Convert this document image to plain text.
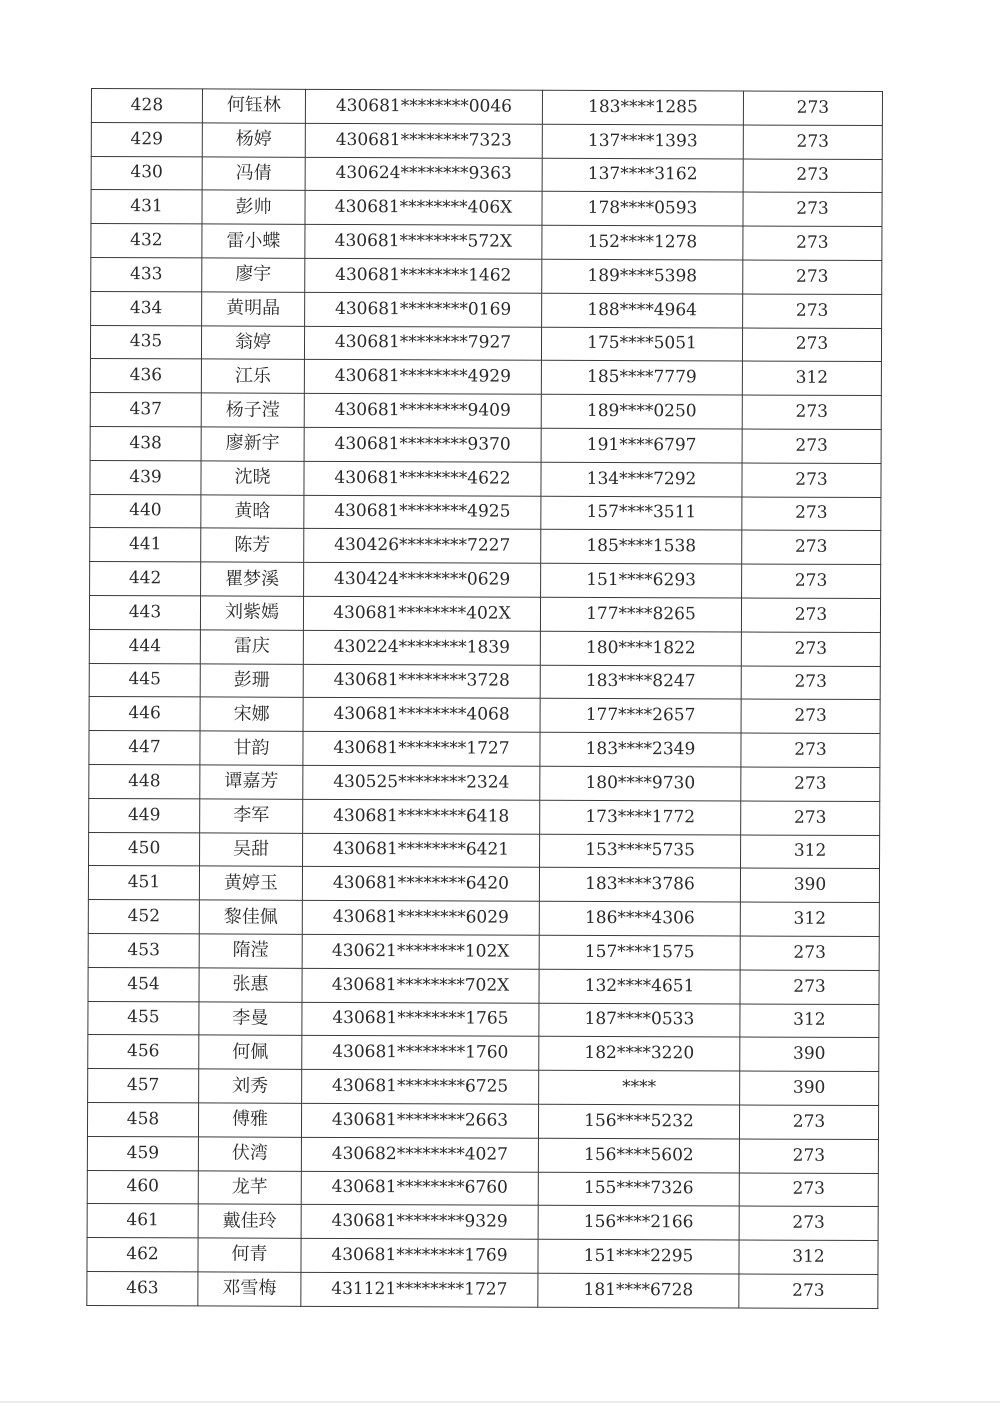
428	何钰林	430681********0046	183****1285	273
429	杨婷	430681********7323	137****1393	273
430	冯倩	430624********9363	137****3162	273
431	彭帅	430681********406X	178****0593	273
432	雷小蝶	430681********572X	152****1278	273
433	廖宇	430681********1462	189****5398	273
434	黄明晶	430681********0169	188****4964	273
435	翁婷	430681********7927	175****5051	273
436	江乐	430681********4929	185****7779	312
437	杨子滢	430681********9409	189****0250	273
438	廖新宇	430681********9370	191****6797	273
439	沈晓	430681********4622	134****7292	273
440	黄晗	430681********4925	157****3511	273
441	陈芳	430426********7227	185****1538	273
442	瞿梦溪	430424********0629	151****6293	273
443	刘紫嫣	430681********402X	177****8265	273
444	雷庆	430224********1839	180****1822	273
445	彭珊	430681********3728	183****8247	273
446	宋娜	430681********4068	177****2657	273
447	甘韵	430681********1727	183****2349	273
448	谭嘉芳	430525********2324	180****9730	273
449	李军	430681********6418	173****1772	273
450	吴甜	430681********6421	153****5735	312
451	黄婷玉	430681********6420	183****3786	390
452	黎佳佩	430681********6029	186****4306	312
453	隋滢	430621********102X	157****1575	273
454	张惠	430681********702X	132****4651	273
455	李曼	430681********1765	187****0533	312
456	何佩	430681********1760	182****3220	390
457	刘秀	430681********6725	****	390
458	傅雅	430681********2663	156****5232	273
459	伏湾	430682********4027	156****5602	273
460	龙芊	430681********6760	155****7326	273
461	戴佳玲	430681********9329	156****2166	273
462	何青	430681********1769	151****2295	312
463	邓雪梅	431121********1727	181****6728	273
